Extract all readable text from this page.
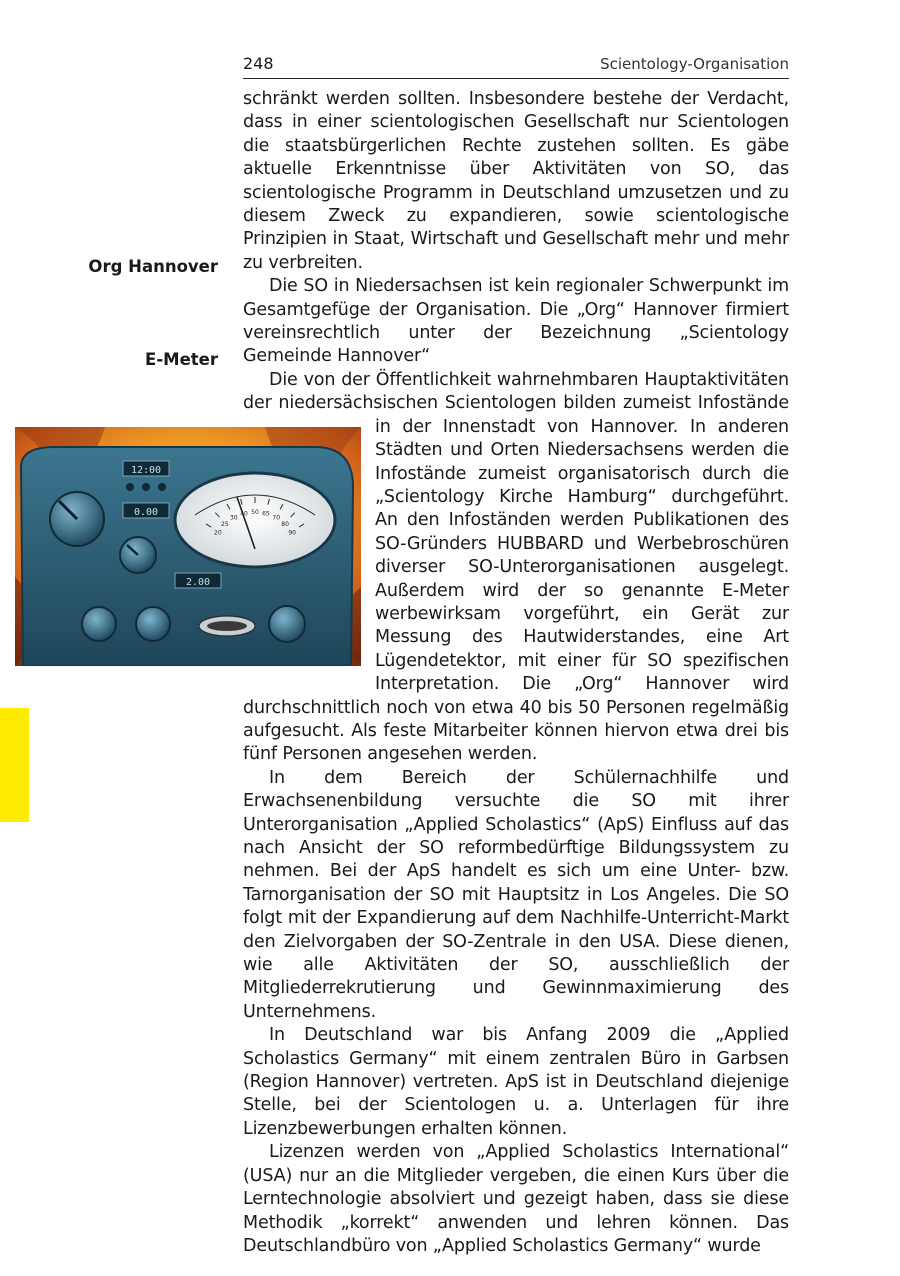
248	Scientology-Organisation
Org Hannover
E-Meter
12:00
0.00
2.00
20
25
30
40 50 65
70
80
90

schränkt werden sollten. Insbesondere bestehe der Verdacht, dass in einer scientologischen Gesellschaft nur Scientologen die staatsbürgerlichen Rechte zustehen sollten. Es gäbe aktuelle Erkenntnisse über Aktivitäten von SO, das scientologische Programm in Deutschland umzusetzen und zu diesem Zweck zu expandieren, sowie scientologische Prinzipien in Staat, Wirtschaft und Gesellschaft mehr und mehr zu verbreiten.

Die SO in Niedersachsen ist kein regionaler Schwerpunkt im Gesamtgefüge der Organisation. Die „Org“ Hannover firmiert vereinsrechtlich unter der Bezeichnung „Scientology Gemeinde Hannover“

Die von der Öffentlichkeit wahrnehmbaren Hauptaktivitäten der niedersächsischen Scientologen bilden zumeist Infostände in der Innenstadt von Hannover. In anderen Städten und Orten Niedersachsens werden die Infostände zumeist organisatorisch durch die „Scientology Kirche Hamburg“ durchgeführt. An den Infoständen werden Publikationen des SO-Gründers HUBBARD und Werbebroschüren diverser SO-Unterorganisationen ausgelegt. Außerdem wird der so genannte E-Meter werbewirksam vorgeführt, ein Gerät zur Messung des Hautwiderstandes, eine Art Lügendetektor, mit einer für SO spezifischen Interpretation. Die „Org“ Hannover wird durchschnittlich noch von etwa 40 bis 50 Personen regelmäßig aufgesucht. Als feste Mitarbeiter können hiervon etwa drei bis fünf Personen angesehen werden.

In dem Bereich der Schülernachhilfe und Erwachsenenbildung versuchte die SO mit ihrer Unterorganisation „Applied Scholastics“ (ApS) Einfluss auf das nach Ansicht der SO reformbedürftige Bildungssystem zu nehmen. Bei der ApS handelt es sich um eine Unter- bzw. Tarnorganisation der SO mit Hauptsitz in Los Angeles. Die SO folgt mit der Expandierung auf dem Nachhilfe-Unterricht-Markt den Zielvorgaben der SO-Zentrale in den USA. Diese dienen, wie alle Aktivitäten der SO, ausschließlich der Mitgliederrekrutierung und Gewinnmaximierung des Unternehmens.

In Deutschland war bis Anfang 2009 die „Applied Scholastics Germany“ mit einem zentralen Büro in Garbsen (Region Hannover) vertreten. ApS ist in Deutschland diejenige Stelle, bei der Scientologen u. a. Unterlagen für ihre Lizenzbewerbungen erhalten können.

Lizenzen werden von „Applied Scholastics International“ (USA) nur an die Mitglieder vergeben, die einen Kurs über die Lerntechnologie absolviert und gezeigt haben, dass sie diese Methodik „korrekt“ anwenden und lehren können. Das Deutschlandbüro von „Applied Scholastics Germany“ wurde
